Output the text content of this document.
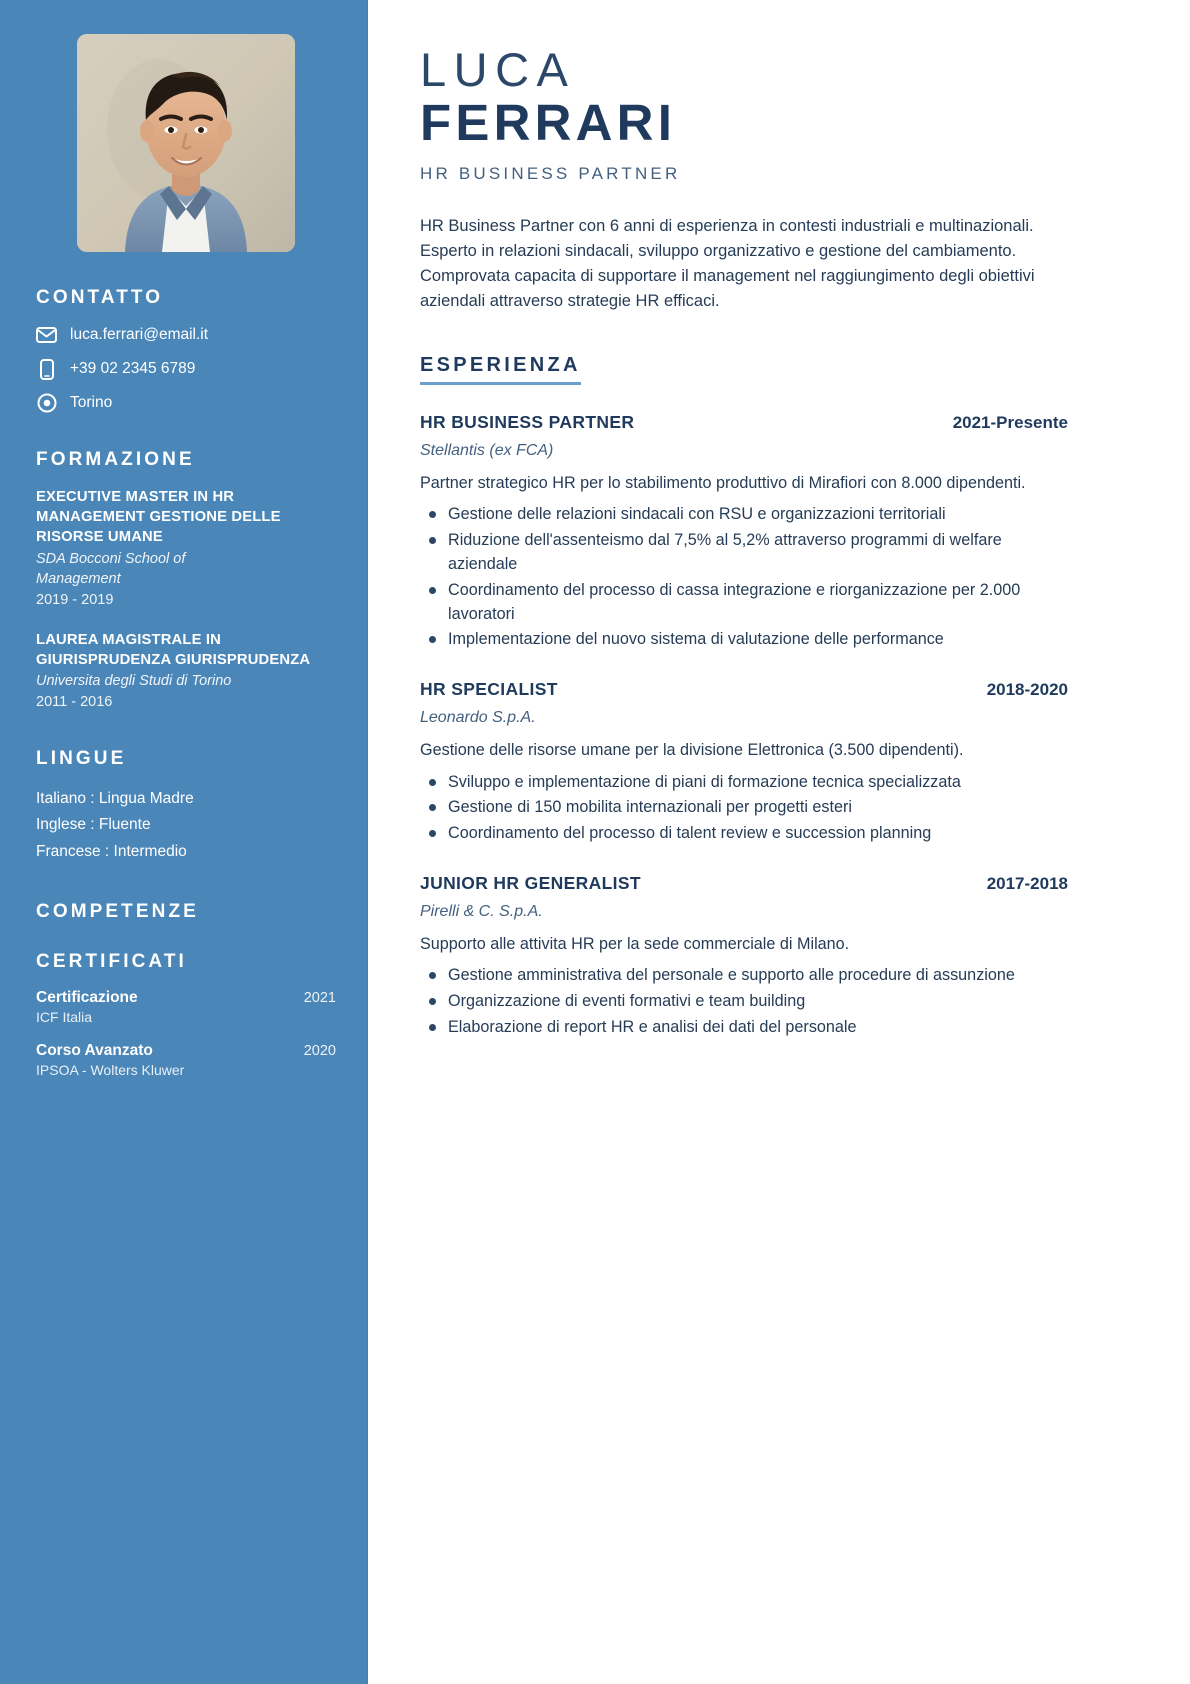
CONTATTO
luca.ferrari@email.it
+39 02 2345 6789
Torino
FORMAZIONE
EXECUTIVE MASTER IN HR MANAGEMENT GESTIONE DELLE RISORSE UMANE
SDA Bocconi School of Management
2019 - 2019
LAUREA MAGISTRALE IN GIURISPRUDENZA GIURISPRUDENZA
Universita degli Studi di Torino
2011 - 2016
LINGUE
Italiano : Lingua Madre
Inglese : Fluente
Francese : Intermedio
COMPETENZE
CERTIFICATI
Certificazione	2021
ICF Italia
Corso Avanzato	2020
IPSOA - Wolters Kluwer
LUCA
FERRARI
HR BUSINESS PARTNER

HR Business Partner con 6 anni di esperienza in contesti industriali e multinazionali. Esperto in relazioni sindacali, sviluppo organizzativo e gestione del cambiamento. Comprovata capacita di supportare il management nel raggiungimento degli obiettivi aziendali attraverso strategie HR efficaci.

ESPERIENZA
HR BUSINESS PARTNER	2021-Presente
Stellantis (ex FCA)
Partner strategico HR per lo stabilimento produttivo di Mirafiori con 8.000 dipendenti.
Gestione delle relazioni sindacali con RSU e organizzazioni territoriali
Riduzione dell'assenteismo dal 7,5% al 5,2% attraverso programmi di welfare aziendale
Coordinamento del processo di cassa integrazione e riorganizzazione per 2.000 lavoratori
Implementazione del nuovo sistema di valutazione delle performance
HR SPECIALIST	2018-2020
Leonardo S.p.A.
Gestione delle risorse umane per la divisione Elettronica (3.500 dipendenti).
Sviluppo e implementazione di piani di formazione tecnica specializzata
Gestione di 150 mobilita internazionali per progetti esteri
Coordinamento del processo di talent review e succession planning
JUNIOR HR GENERALIST	2017-2018
Pirelli & C. S.p.A.
Supporto alle attivita HR per la sede commerciale di Milano.
Gestione amministrativa del personale e supporto alle procedure di assunzione
Organizzazione di eventi formativi e team building
Elaborazione di report HR e analisi dei dati del personale
